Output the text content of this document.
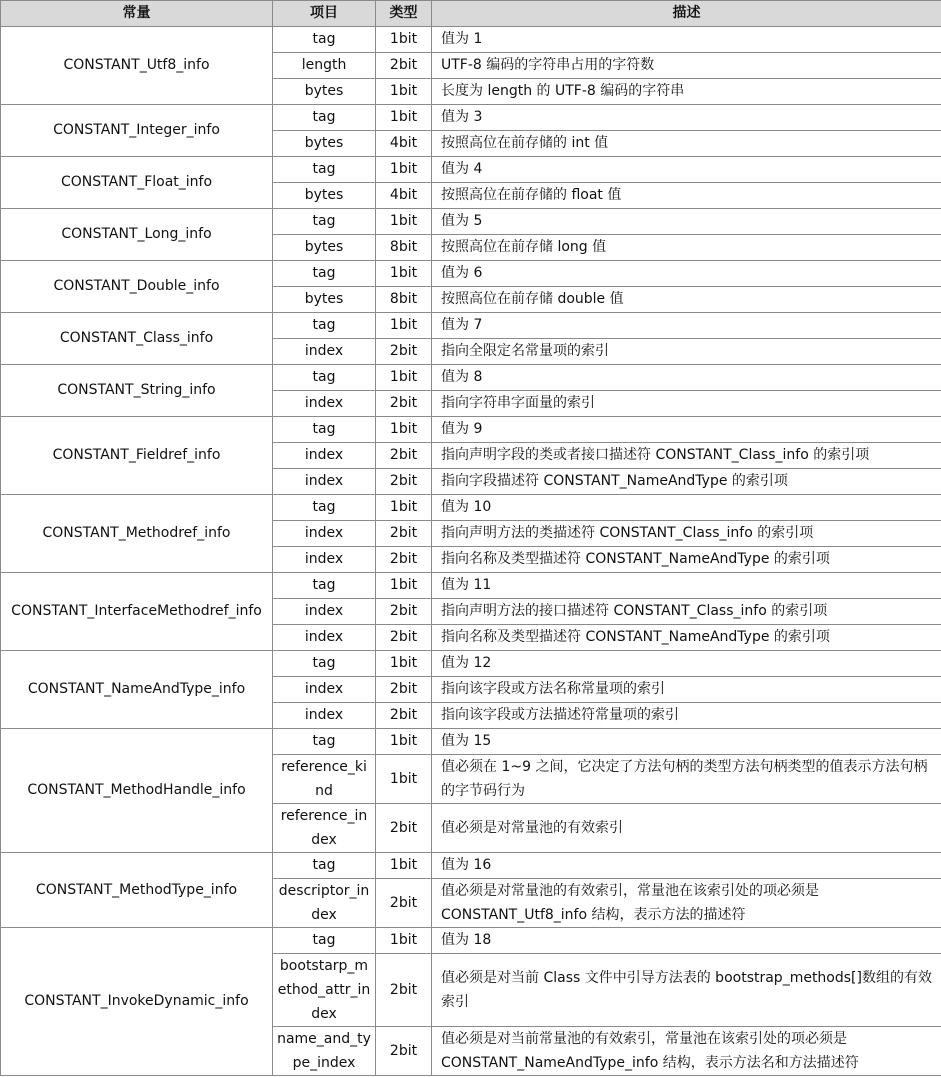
常量	项目	类型	描述
CONSTANT_Utf8_info	tag	1bit	值为 1
	length	2bit	UTF-8 编码的字符串占用的字符数
	bytes	1bit	长度为 length 的 UTF-8 编码的字符串
CONSTANT_Integer_info	tag	1bit	值为 3
	bytes	4bit	按照高位在前存储的 int 值
CONSTANT_Float_info	tag	1bit	值为 4
	bytes	4bit	按照高位在前存储的 float 值
CONSTANT_Long_info	tag	1bit	值为 5
	bytes	8bit	按照高位在前存储 long 值
CONSTANT_Double_info	tag	1bit	值为 6
	bytes	8bit	按照高位在前存储 double 值
CONSTANT_Class_info	tag	1bit	值为 7
	index	2bit	指向全限定名常量项的索引
CONSTANT_String_info	tag	1bit	值为 8
	index	2bit	指向字符串字面量的索引
CONSTANT_Fieldref_info	tag	1bit	值为 9
	index	2bit	指向声明字段的类或者接口描述符 CONSTANT_Class_info 的索引项
	index	2bit	指向字段描述符 CONSTANT_NameAndType 的索引项
CONSTANT_Methodref_info	tag	1bit	值为 10
	index	2bit	指向声明方法的类描述符 CONSTANT_Class_info 的索引项
	index	2bit	指向名称及类型描述符 CONSTANT_NameAndType 的索引项
CONSTANT_InterfaceMethodref_info	tag	1bit	值为 11
	index	2bit	指向声明方法的接口描述符 CONSTANT_Class_info 的索引项
	index	2bit	指向名称及类型描述符 CONSTANT_NameAndType 的索引项
CONSTANT_NameAndType_info	tag	1bit	值为 12
	index	2bit	指向该字段或方法名称常量项的索引
	index	2bit	指向该字段或方法描述符常量项的索引
CONSTANT_MethodHandle_info	tag	1bit	值为 15
	reference_kind	1bit	值必须在 1~9 之间，它决定了方法句柄的类型方法句柄类型的值表示方法句柄的字节码行为
	reference_index	2bit	值必须是对常量池的有效索引
CONSTANT_MethodType_info	tag	1bit	值为 16
	descriptor_index	2bit	值必须是对常量池的有效索引，常量池在该索引处的项必须是 CONSTANT_Utf8_info 结构，表示方法的描述符
CONSTANT_InvokeDynamic_info	tag	1bit	值为 18
	bootstarp_method_attr_index	2bit	值必须是对当前 Class 文件中引导方法表的 bootstrap_methods[]数组的有效索引
	name_and_type_index	2bit	值必须是对当前常量池的有效索引，常量池在该索引处的项必须是 CONSTANT_NameAndType_info 结构，表示方法名和方法描述符
